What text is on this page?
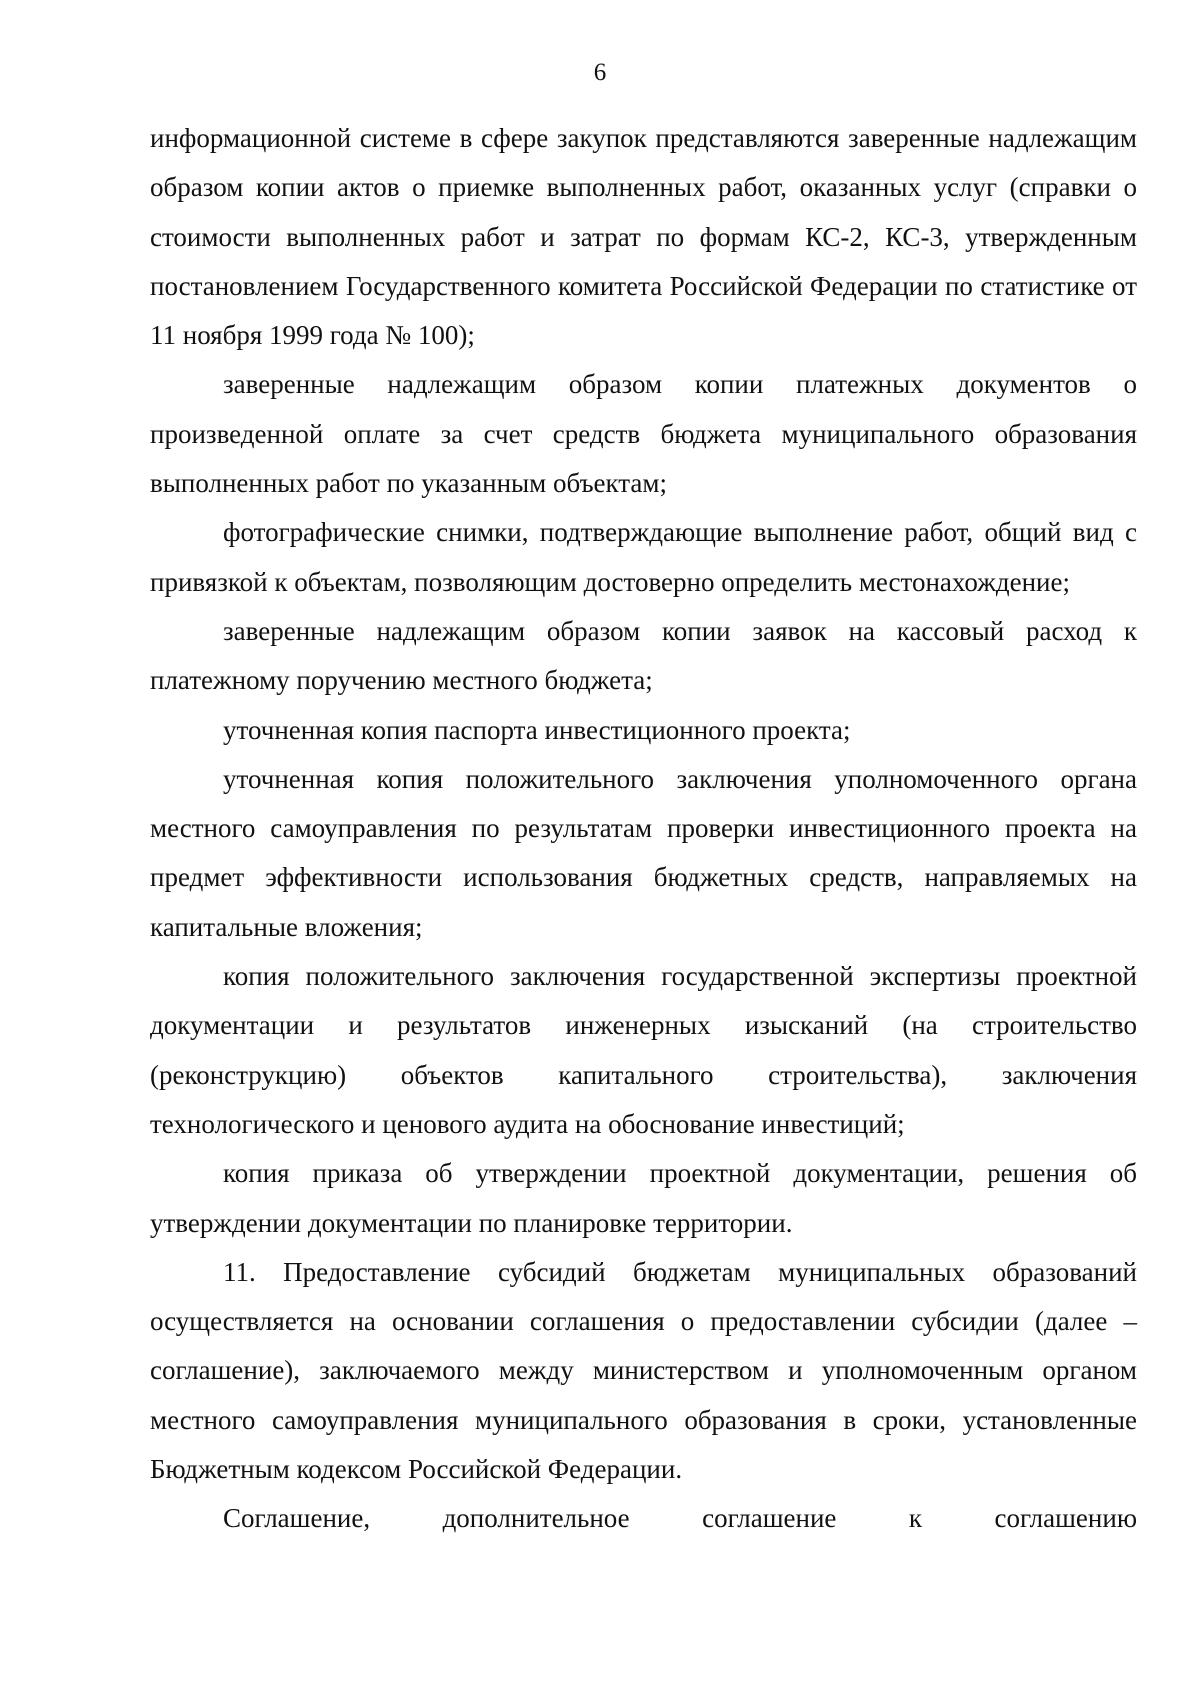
6

информационной системе в сфере закупок представляются заверенные надлежащим образом копии актов о приемке выполненных работ, оказанных услуг (справки о стоимости выполненных работ и затрат по формам КС-2, КС-3, утвержденным постановлением Государственного комитета Российской Федерации по статистике от 11 ноября 1999 года № 100);

заверенные надлежащим образом копии платежных документов о произведенной оплате за счет средств бюджета муниципального образования выполненных работ по указанным объектам;

фотографические снимки, подтверждающие выполнение работ, общий вид с привязкой к объектам, позволяющим достоверно определить местонахождение;

заверенные надлежащим образом копии заявок на кассовый расход к платежному поручению местного бюджета;

уточненная копия паспорта инвестиционного проекта;

уточненная копия положительного заключения уполномоченного органа местного самоуправления по результатам проверки инвестиционного проекта на предмет эффективности использования бюджетных средств, направляемых на капитальные вложения;

копия положительного заключения государственной экспертизы проектной документации и результатов инженерных изысканий (на строительство (реконструкцию) объектов капитального строительства), заключения технологического и ценового аудита на обоснование инвестиций;

копия приказа об утверждении проектной документации, решения об утверждении документации по планировке территории.

11. Предоставление субсидий бюджетам муниципальных образований осуществляется на основании соглашения о предоставлении субсидии (далее – соглашение), заключаемого между министерством и уполномоченным органом местного самоуправления муниципального образования в сроки, установленные Бюджетным кодексом Российской Федерации.

Соглашение, дополнительное соглашение к соглашению
